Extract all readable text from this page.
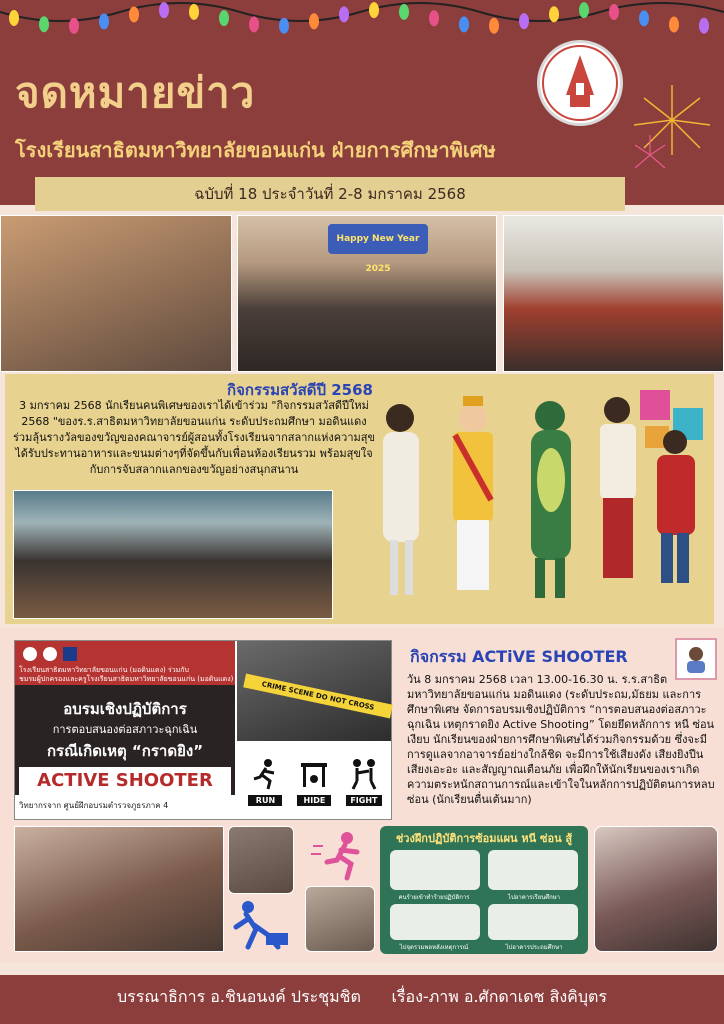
จดหมายข่าว
โรงเรียนสาธิตมหาวิทยาลัยขอนแก่น ฝ่ายการศึกษาพิเศษ
ฉบับที่ 18 ประจำวันที่ 2-8 มกราคม 2568
Happy New Year 2025
กิจกรรมสวัสดีปี 2568
3 มกราคม 2568 นักเรียนคนพิเศษของเราได้เข้าร่วม "กิจกรรมสวัสดีปีใหม่ 2568 "ของร.ร.สาธิตมหาวิทยาลัยขอนแก่น ระดับประถมศึกษา มอดินแดง ร่วมลุ้นรางวัลของขวัญของคณาจารย์ผู้สอนทั้งโรงเรียนจากสลากแห่งความสุข ได้รับประทานอาหารและขนมต่างๆที่จัดขึ้นกับเพื่อนห้องเรียนรวม พร้อมสุขใจกับการจับสลากแลกของขวัญอย่างสนุกสนาน
โรงเรียนสาธิตมหาวิทยาลัยขอนแก่น (มอดินแดง) ร่วมกับ
ชมรมผู้ปกครองและครูโรงเรียนสาธิตมหาวิทยาลัยขอนแก่น (มอดินแดง)
อบรมเชิงปฏิบัติการ
การตอบสนองต่อสภาวะฉุกเฉิน
กรณีเกิดเหตุ “กราดยิง”
ACTIVE SHOOTER
วิทยากรจาก ศูนย์ฝึกอบรมตำรวจภูธรภาค 4
CRIME SCENE DO NOT CROSS
RUN	HIDE	FIGHT
กิจกรรม ACTiVE SHOOTER
วัน 8 มกราคม 2568 เวลา 13.00-16.30 น. ร.ร.สาธิตมหาวิทยาลัยขอนแก่น มอดินแดง (ระดับประถม,มัธยม และการศึกษาพิเศษ จัดการอบรมเชิงปฏิบัติการ “การตอบสนองต่อสภาวะฉุกเฉิน เหตุกราดยิง Active Shooting” โดยยึดหลักการ หนี ซ่อน เงียบ นักเรียนของฝ่ายการศึกษาพิเศษได้ร่วมกิจกรรมด้วย ซึ่งจะมีการดูแลจากอาจารย์อย่างใกล้ชิด จะมีการใช้เสียงดัง เสียงยิงปืน เสียงเอะอะ และสัญญาณเตือนภัย เพื่อฝึกให้นักเรียนของเราเกิดความตระหนักสถานการณ์และเข้าใจในหลักการปฏิบัติตนการหลบซ่อน (นักเรียนตื่นเต้นมาก)
ช่วงฝึกปฏิบัติการซ้อมแผน หนี ซ่อน สู้
คนร้ายเข้าทำร้ายปฏิบัติการ	ไปอาคารเรียนศึกษา
ไปจุดรวมพลหลังเหตุการณ์	ไปอาคารประถมศึกษา
บรรณาธิการ อ.ชินอนงค์ ประชุมชิต เรื่อง-ภาพ อ.ศักดาเดช สิงคิบุตร
